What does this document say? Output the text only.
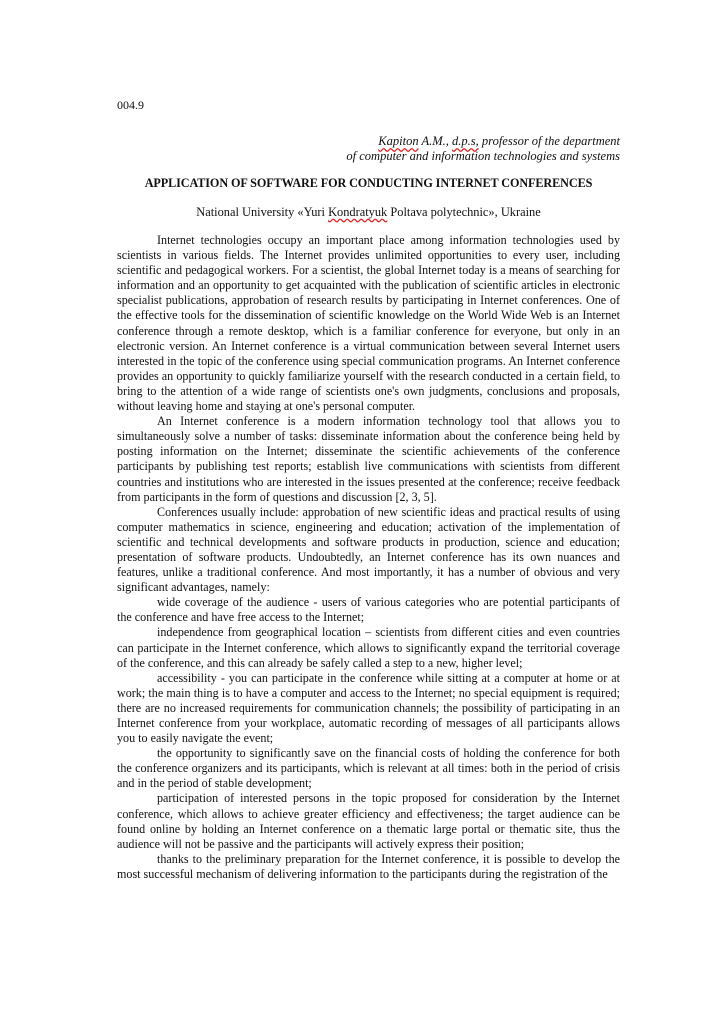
004.9
Kapiton A.M., d.p.s, professor of the department
of computer and information technologies and systems
APPLICATION OF SOFTWARE FOR CONDUCTING INTERNET CONFERENCES
National University «Yuri Kondratyuk Poltava polytechnic», Ukraine

Internet technologies occupy an important place among information technologies used by scientists in various fields. The Internet provides unlimited opportunities to every user, including scientific and pedagogical workers. For a scientist, the global Internet today is a means of searching for information and an opportunity to get acquainted with the publication of scientific articles in electronic specialist publications, approbation of research results by participating in Internet conferences. One of the effective tools for the dissemination of scientific knowledge on the World Wide Web is an Internet conference through a remote desktop, which is a familiar conference for everyone, but only in an electronic version. An Internet conference is a virtual communication between several Internet users interested in the topic of the conference using special communication programs. An Internet conference provides an opportunity to quickly familiarize yourself with the research conducted in a certain field, to bring to the attention of a wide range of scientists one's own judgments, conclusions and proposals, without leaving home and staying at one's personal computer.

An Internet conference is a modern information technology tool that allows you to simultaneously solve a number of tasks: disseminate information about the conference being held by posting information on the Internet; disseminate the scientific achievements of the conference participants by publishing test reports; establish live communications with scientists from different countries and institutions who are interested in the issues presented at the conference; receive feedback from participants in the form of questions and discussion [2, 3, 5].

Conferences usually include: approbation of new scientific ideas and practical results of using computer mathematics in science, engineering and education; activation of the implementation of scientific and technical developments and software products in production, science and education; presentation of software products. Undoubtedly, an Internet conference has its own nuances and features, unlike a traditional conference. And most importantly, it has a number of obvious and very significant advantages, namely:

wide coverage of the audience - users of various categories who are potential participants of the conference and have free access to the Internet;

independence from geographical location – scientists from different cities and even countries can participate in the Internet conference, which allows to significantly expand the territorial coverage of the conference, and this can already be safely called a step to a new, higher level;

accessibility - you can participate in the conference while sitting at a computer at home or at work; the main thing is to have a computer and access to the Internet; no special equipment is required; there are no increased requirements for communication channels; the possibility of participating in an Internet conference from your workplace, automatic recording of messages of all participants allows you to easily navigate the event;

the opportunity to significantly save on the financial costs of holding the conference for both the conference organizers and its participants, which is relevant at all times: both in the period of crisis and in the period of stable development;

participation of interested persons in the topic proposed for consideration by the Internet conference, which allows to achieve greater efficiency and effectiveness; the target audience can be found online by holding an Internet conference on a thematic large portal or thematic site, thus the audience will not be passive and the participants will actively express their position;

thanks to the preliminary preparation for the Internet conference, it is possible to develop the most successful mechanism of delivering information to the participants during the registration of the
